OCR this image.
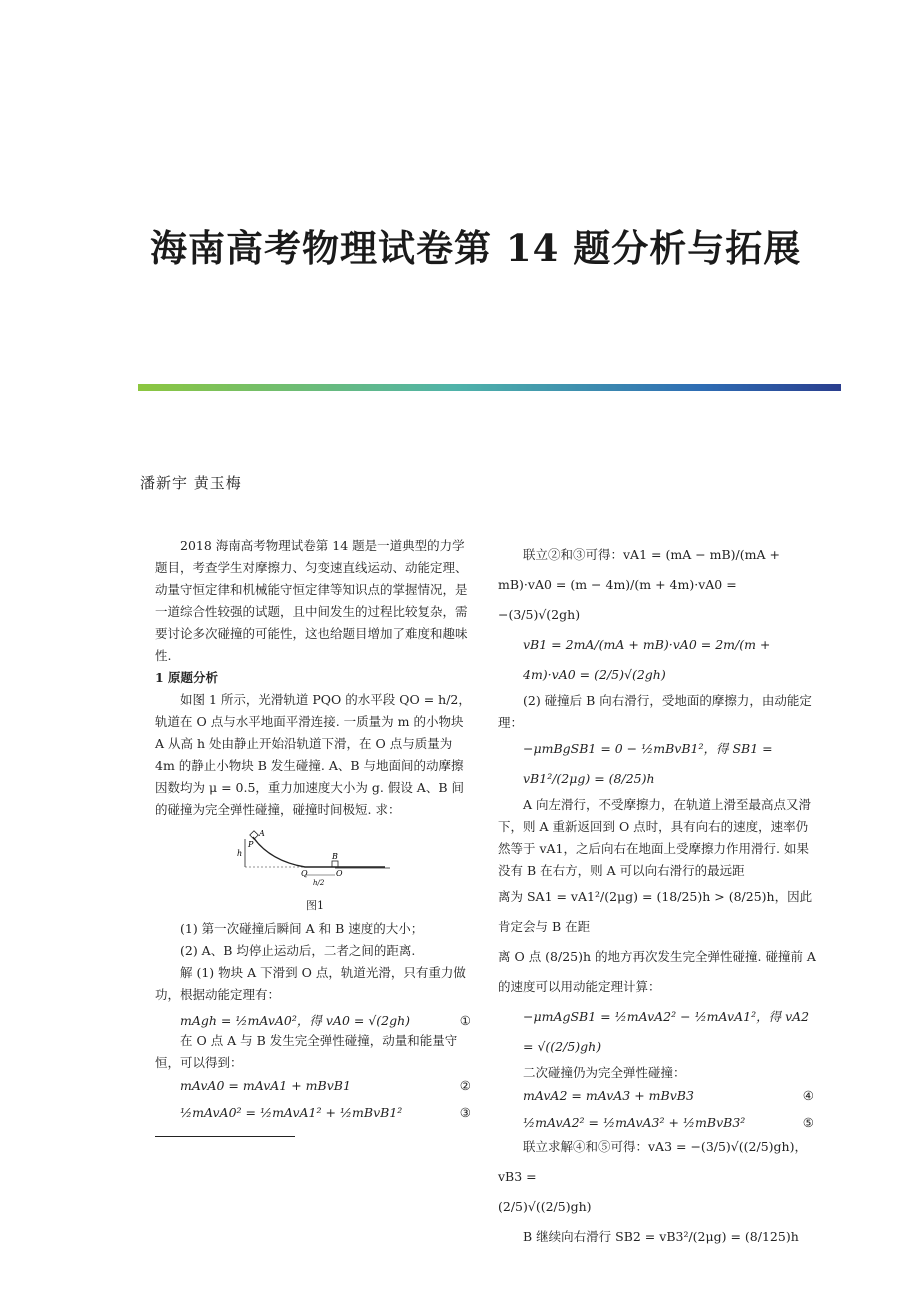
海南高考物理试卷第 14 题分析与拓展
潘新宇 黄玉梅

2018 海南高考物理试卷第 14 题是一道典型的力学题目，考查学生对摩擦力、匀变速直线运动、动能定理、动量守恒定律和机械能守恒定律等知识点的掌握情况，是一道综合性较强的试题，且中间发生的过程比较复杂，需要讨论多次碰撞的可能性，这也给题目增加了难度和趣味性.

1 原题分析

如图 1 所示，光滑轨道 PQO 的水平段 QO = h/2，轨道在 O 点与水平地面平滑连接. 一质量为 m 的小物块 A 从高 h 处由静止开始沿轨道下滑，在 O 点与质量为 4m 的静止小物块 B 发生碰撞. A、B 与地面间的动摩擦因数均为 μ = 0.5，重力加速度大小为 g. 假设 A、B 间的碰撞为完全弹性碰撞，碰撞时间极短. 求：

A
P
h	B
Q
h/2
O
图1

(1) 第一次碰撞后瞬间 A 和 B 速度的大小；

(2) A、B 均停止运动后，二者之间的距离.

解 (1) 物块 A 下滑到 O 点，轨道光滑，只有重力做功，根据动能定理有：

mAgh = ½mAvA0²，得 vA0 = √(2gh)	①

在 O 点 A 与 B 发生完全弹性碰撞，动量和能量守恒，可以得到：

mAvA0 = mAvA1 + mBvB1	②
½mAvA0² = ½mAvA1² + ½mBvB1²	③

联立②和③可得：vA1 = (mA − mB)/(mA + mB)·vA0 = (m − 4m)/(m + 4m)·vA0 =

−(3/5)√(2gh)

vB1 = 2mA/(mA + mB)·vA0 = 2m/(m + 4m)·vA0 = (2/5)√(2gh)

(2) 碰撞后 B 向右滑行，受地面的摩擦力，由动能定理：

−μmBgSB1 = 0 − ½mBvB1²，得 SB1 = vB1²/(2μg) = (8/25)h

A 向左滑行，不受摩擦力，在轨道上滑至最高点又滑下，则 A 重新返回到 O 点时，具有向右的速度，速率仍然等于 vA1，之后向右在地面上受摩擦力作用滑行. 如果没有 B 在右方，则 A 可以向右滑行的最远距

离为 SA1 = vA1²/(2μg) = (18/25)h > (8/25)h，因此肯定会与 B 在距

离 O 点 (8/25)h 的地方再次发生完全弹性碰撞. 碰撞前 A 的速度可以用动能定理计算：

−μmAgSB1 = ½mAvA2² − ½mAvA1²，得 vA2 = √((2/5)gh)

二次碰撞仍为完全弹性碰撞：

mAvA2 = mAvA3 + mBvB3	④
½mAvA2² = ½mAvA3² + ½mBvB3²	⑤

联立求解④和⑤可得：vA3 = −(3/5)√((2/5)gh)，vB3 =

(2/5)√((2/5)gh)

B 继续向右滑行 SB2 = vB3²/(2μg) = (8/125)h
